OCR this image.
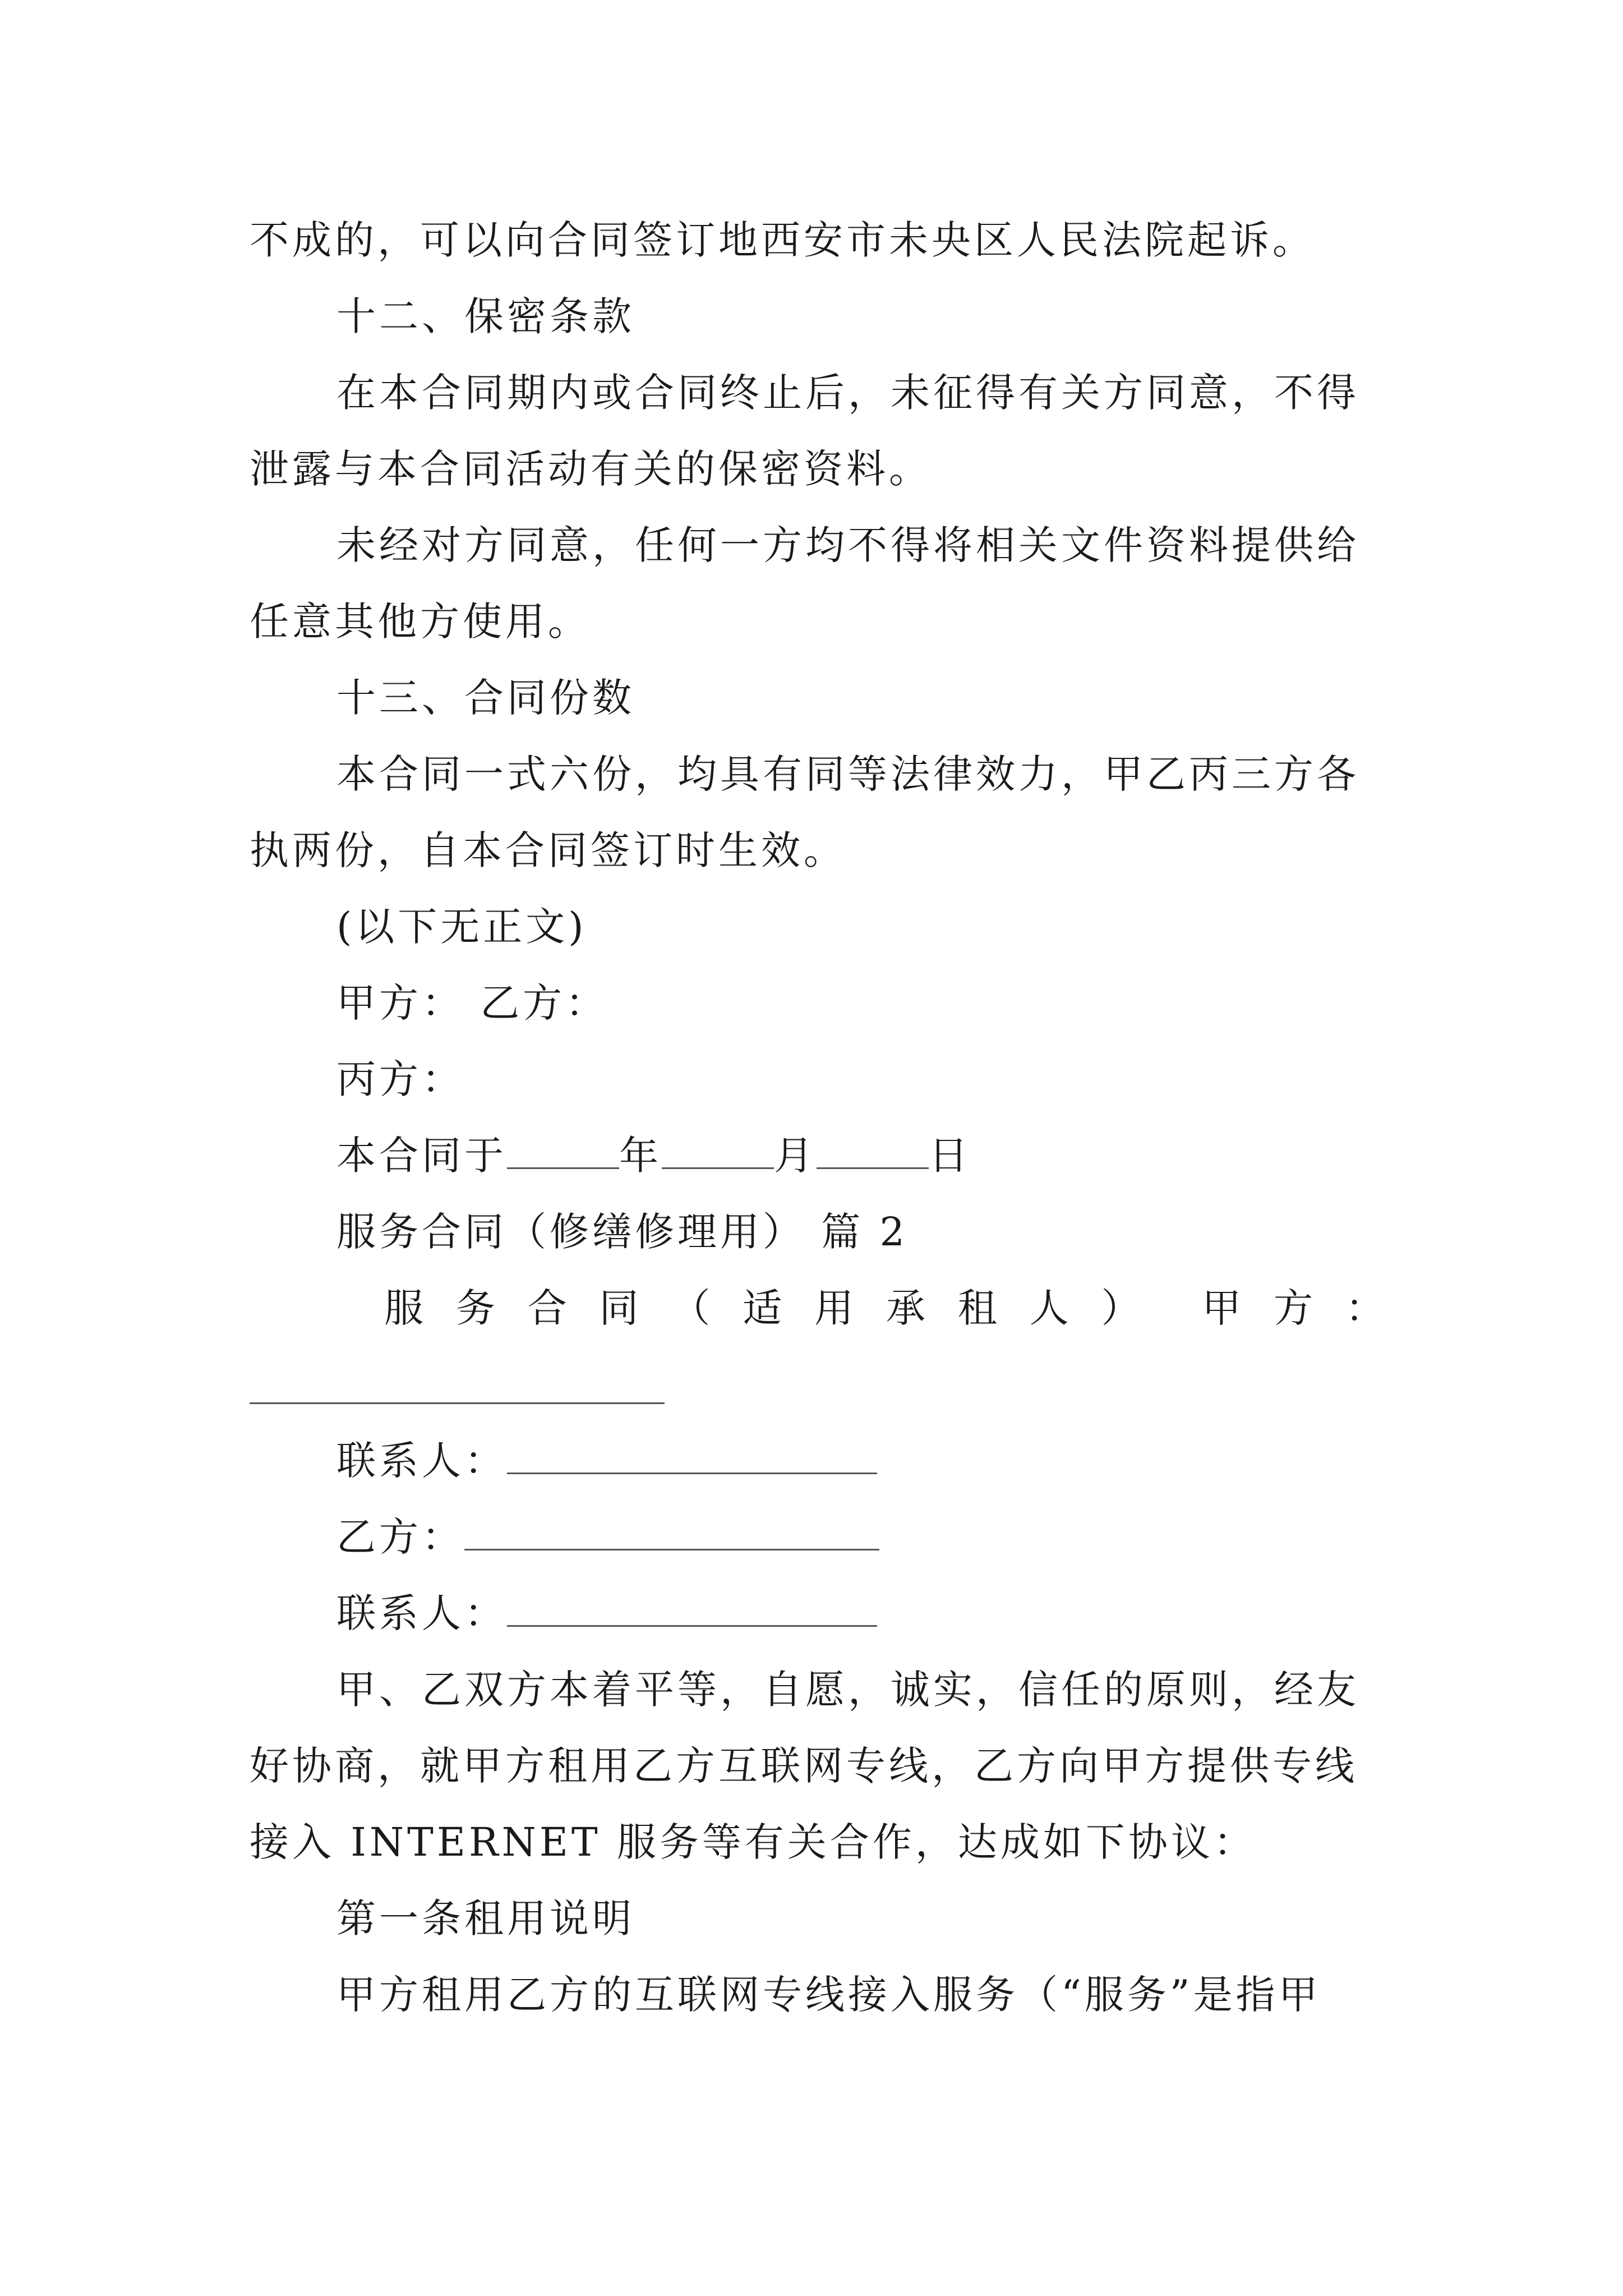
不成的，可以向合同签订地西安市未央区人民法院起诉。
十二、保密条款
在本合同期内或合同终止后，未征得有关方同意，不得
泄露与本合同活动有关的保密资料。
未经对方同意，任何一方均不得将相关文件资料提供给
任意其他方使用。
十三、合同份数
本合同一式六份，均具有同等法律效力，甲乙丙三方各
执两份，自本合同签订时生效。
(以下无正文)
甲方： 乙方：
丙方：
本合同于	年	月	日
服务合同（修缮修理用） 篇 2
服 务 合 同 （ 适 用 承 租 人 ） 甲 方 ：
联系人：
乙方：
联系人：
甲、乙双方本着平等，自愿，诚实，信任的原则，经友
好协商，就甲方租用乙方互联网专线，乙方向甲方提供专线
接入 INTERNET 服务等有关合作，达成如下协议：
第一条租用说明
甲方租用乙方的互联网专线接入服务（“服务”是指甲
